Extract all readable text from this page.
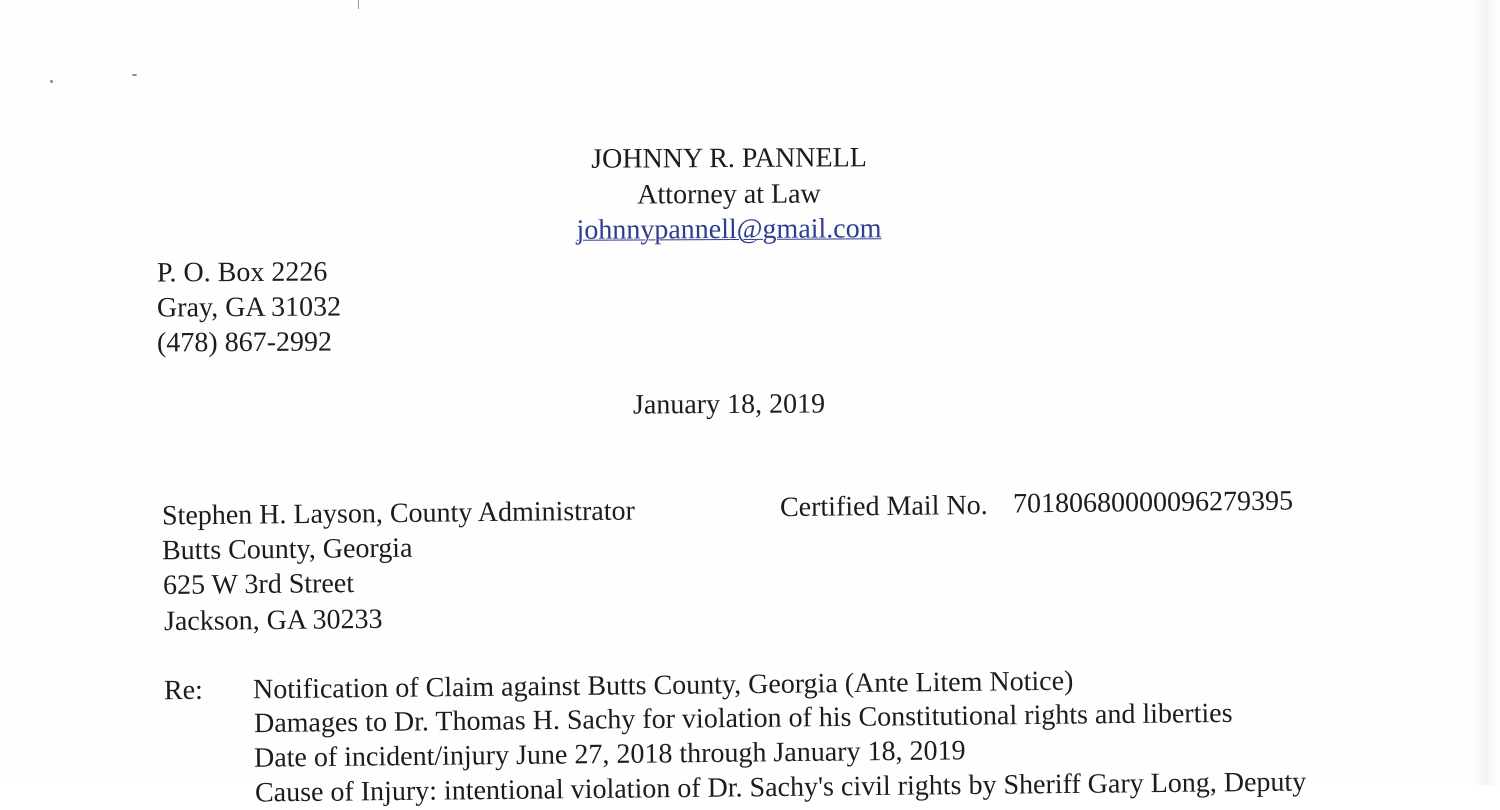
JOHNNY R. PANNELL
Attorney at Law
johnnypannell@gmail.com
P. O. Box 2226
Gray, GA 31032
(478) 867-2992
January 18, 2019
Stephen H. Layson, County Administrator
Butts County, Georgia
625 W 3rd Street
Jackson, GA 30233
Certified Mail No. 70180680000096279395
Re: Notification of Claim against Butts County, Georgia (Ante Litem Notice)
Damages to Dr. Thomas H. Sachy for violation of his Constitutional rights and liberties
Date of incident/injury June 27, 2018 through January 18, 2019
Cause of Injury: intentional violation of Dr. Sachy's civil rights by Sheriff Gary Long, Deputy
